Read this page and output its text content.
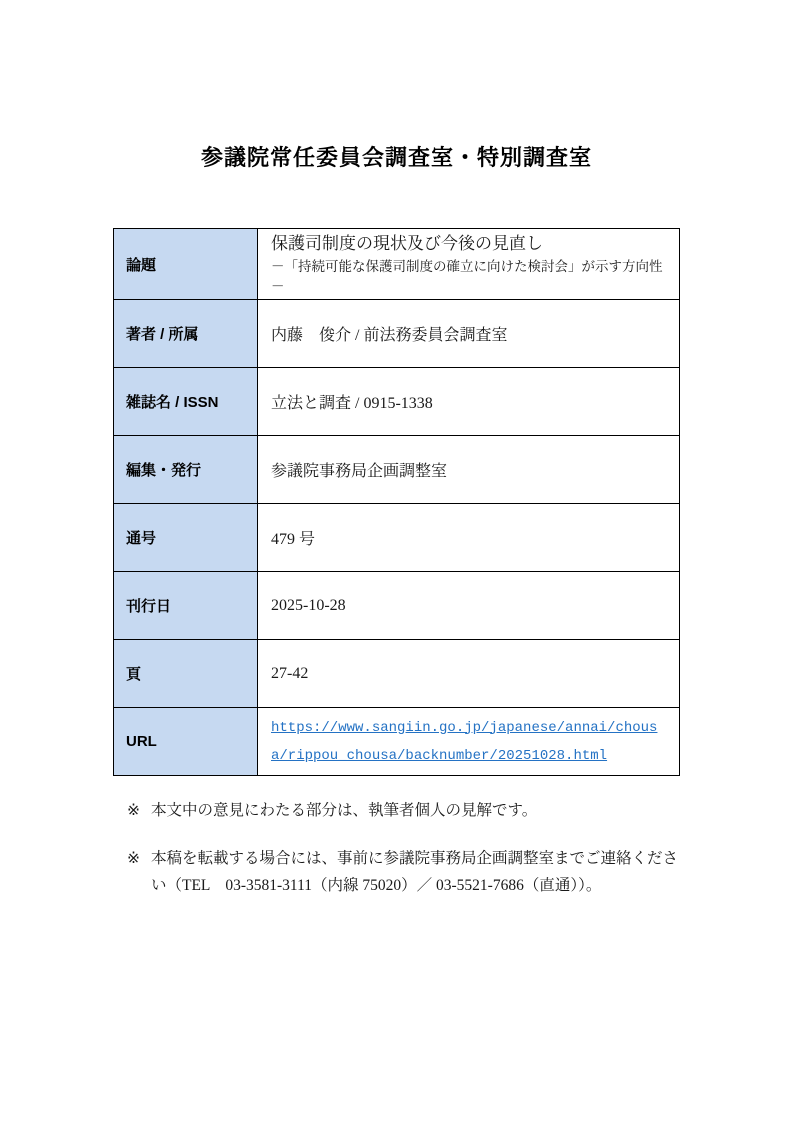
参議院常任委員会調査室・特別調査室
論題	保護司制度の現状及び今後の見直し
－「持続可能な保護司制度の確立に向けた検討会」が示す方向性－

著者 / 所属	内藤　俊介 / 前法務委員会調査室
雑誌名 / ISSN	立法と調査 / 0915-1338
編集・発行	参議院事務局企画調整室
通号	479 号
刊行日	2025-10-28
頁	27-42
URL	https://www.sangiin.go.jp/japanese/annai/chousa/rippou_chousa/backnumber/20251028.html
※ 本文中の意見にわたる部分は、執筆者個人の見解です。
※ 本稿を転載する場合には、事前に参議院事務局企画調整室までご連絡ください（TEL　03-3581-3111（内線 75020）／ 03-5521-7686（直通））。
